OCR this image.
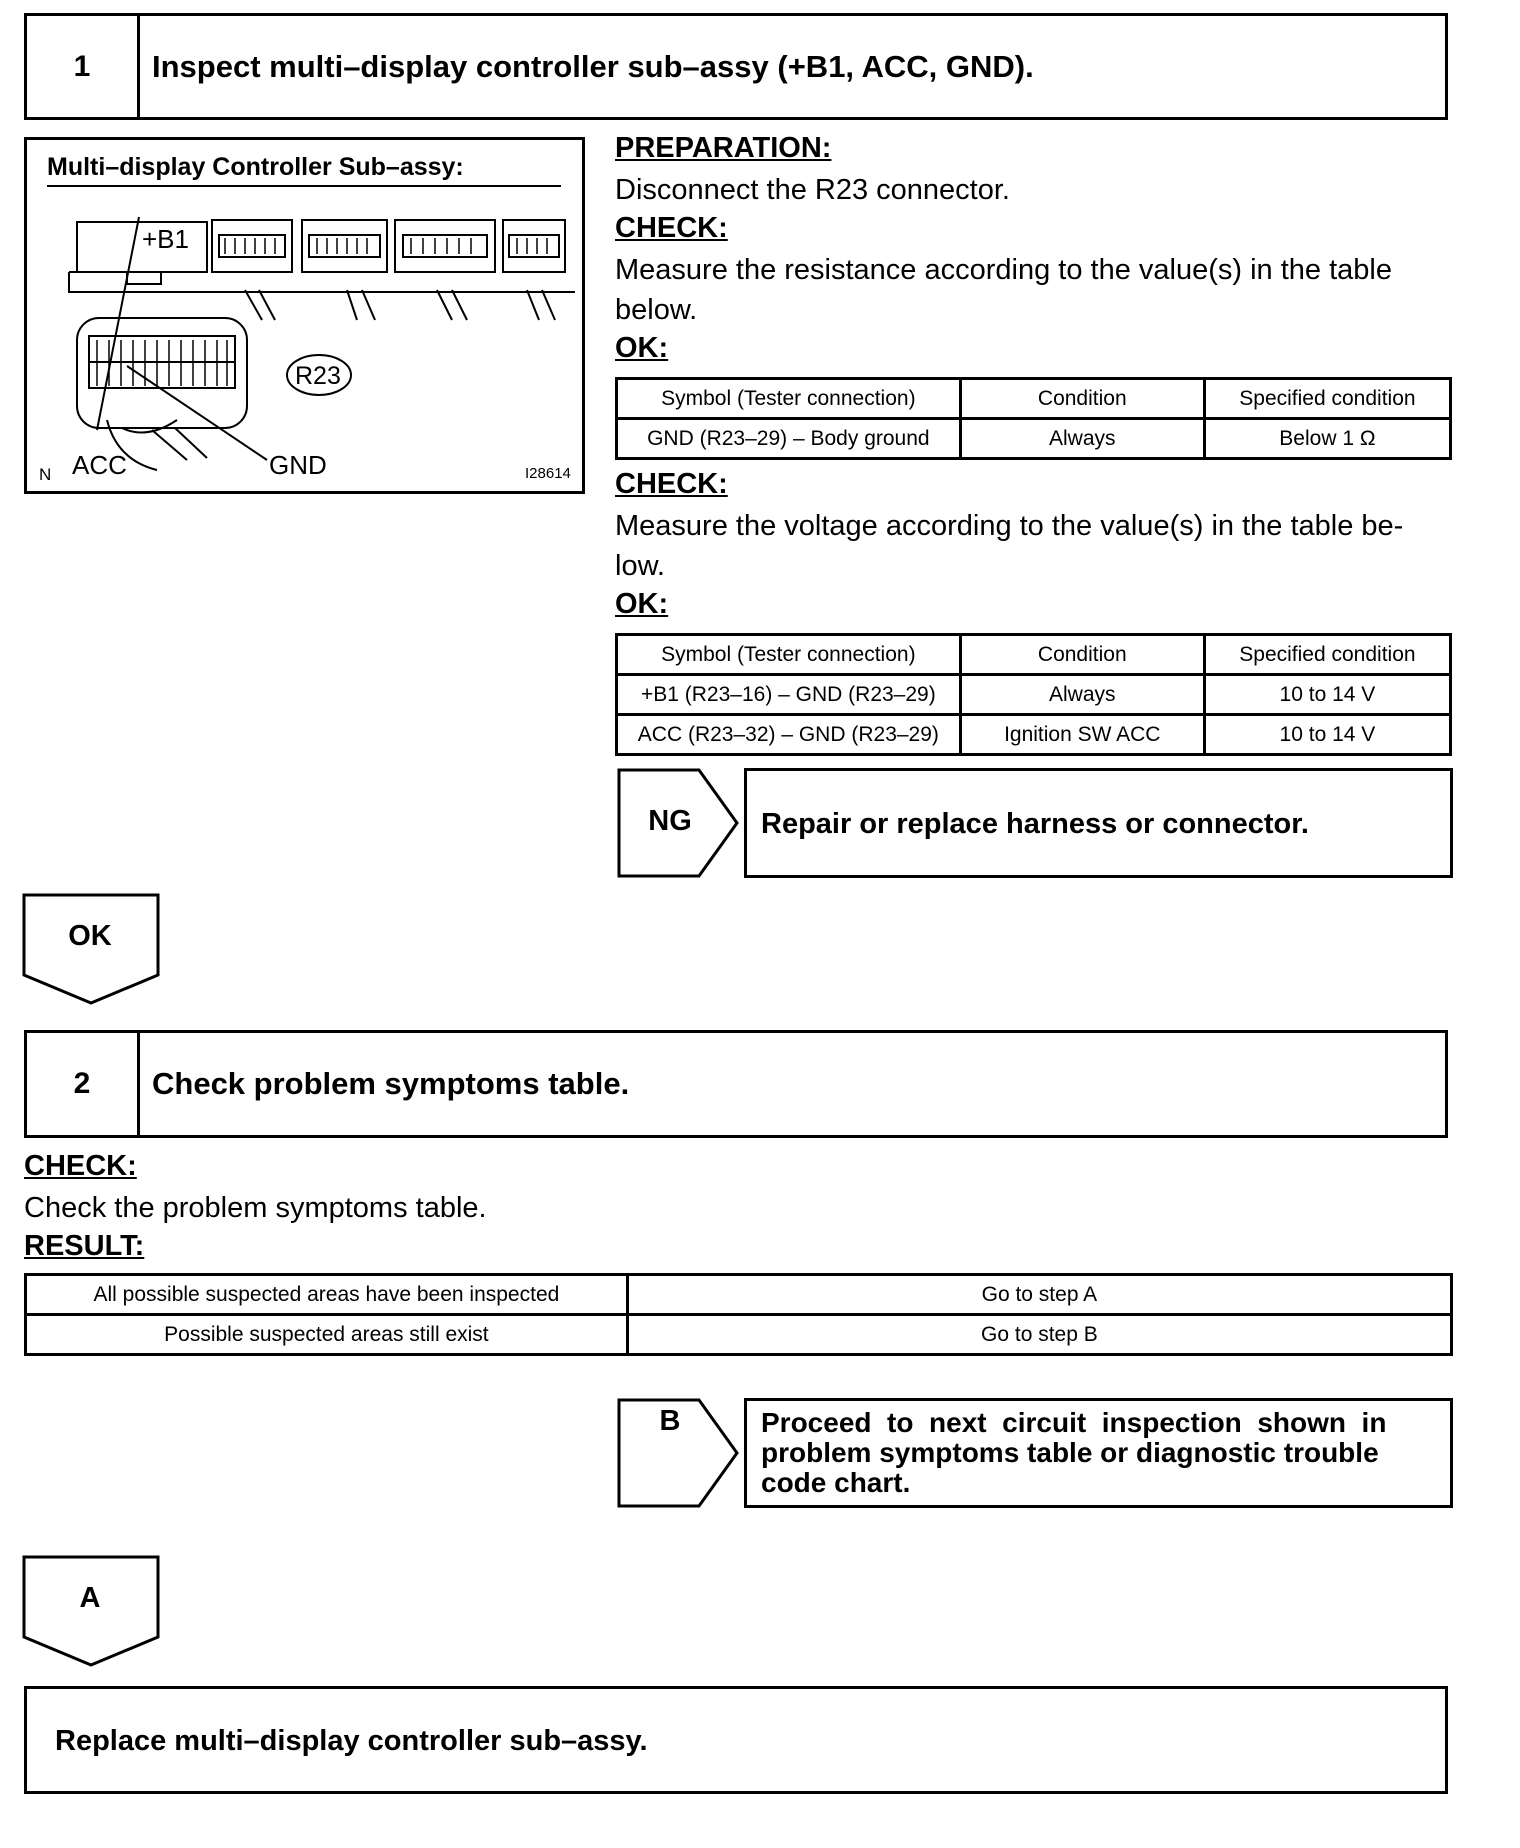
1	Inspect multi–display controller sub–assy (+B1, ACC, GND).
Multi–display Controller Sub–assy:
+B1
R23
ACC	GND
N	I28614
PREPARATION:
Disconnect the R23 connector.
CHECK:
Measure the resistance according to the value(s) in the table
below.
OK:
Symbol (Tester connection)	Condition	Specified condition
GND (R23–29) – Body ground	Always	Below 1 Ω
CHECK:
Measure the voltage according to the value(s) in the table be-
low.
OK:
Symbol (Tester connection)	Condition	Specified condition
+B1 (R23–16) – GND (R23–29)	Always	10 to 14 V
ACC (R23–32) – GND (R23–29)	Ignition SW ACC	10 to 14 V
NG	Repair or replace harness or connector.
OK
2	Check problem symptoms table.
CHECK:
Check the problem symptoms table.
RESULT:
All possible suspected areas have been inspected	Go to step A
Possible suspected areas still exist	Go to step B
B	Proceed  to  next  circuit  inspection  shown  in
problem symptoms table or diagnostic trouble
code chart.
A
Replace multi–display controller sub–assy.
